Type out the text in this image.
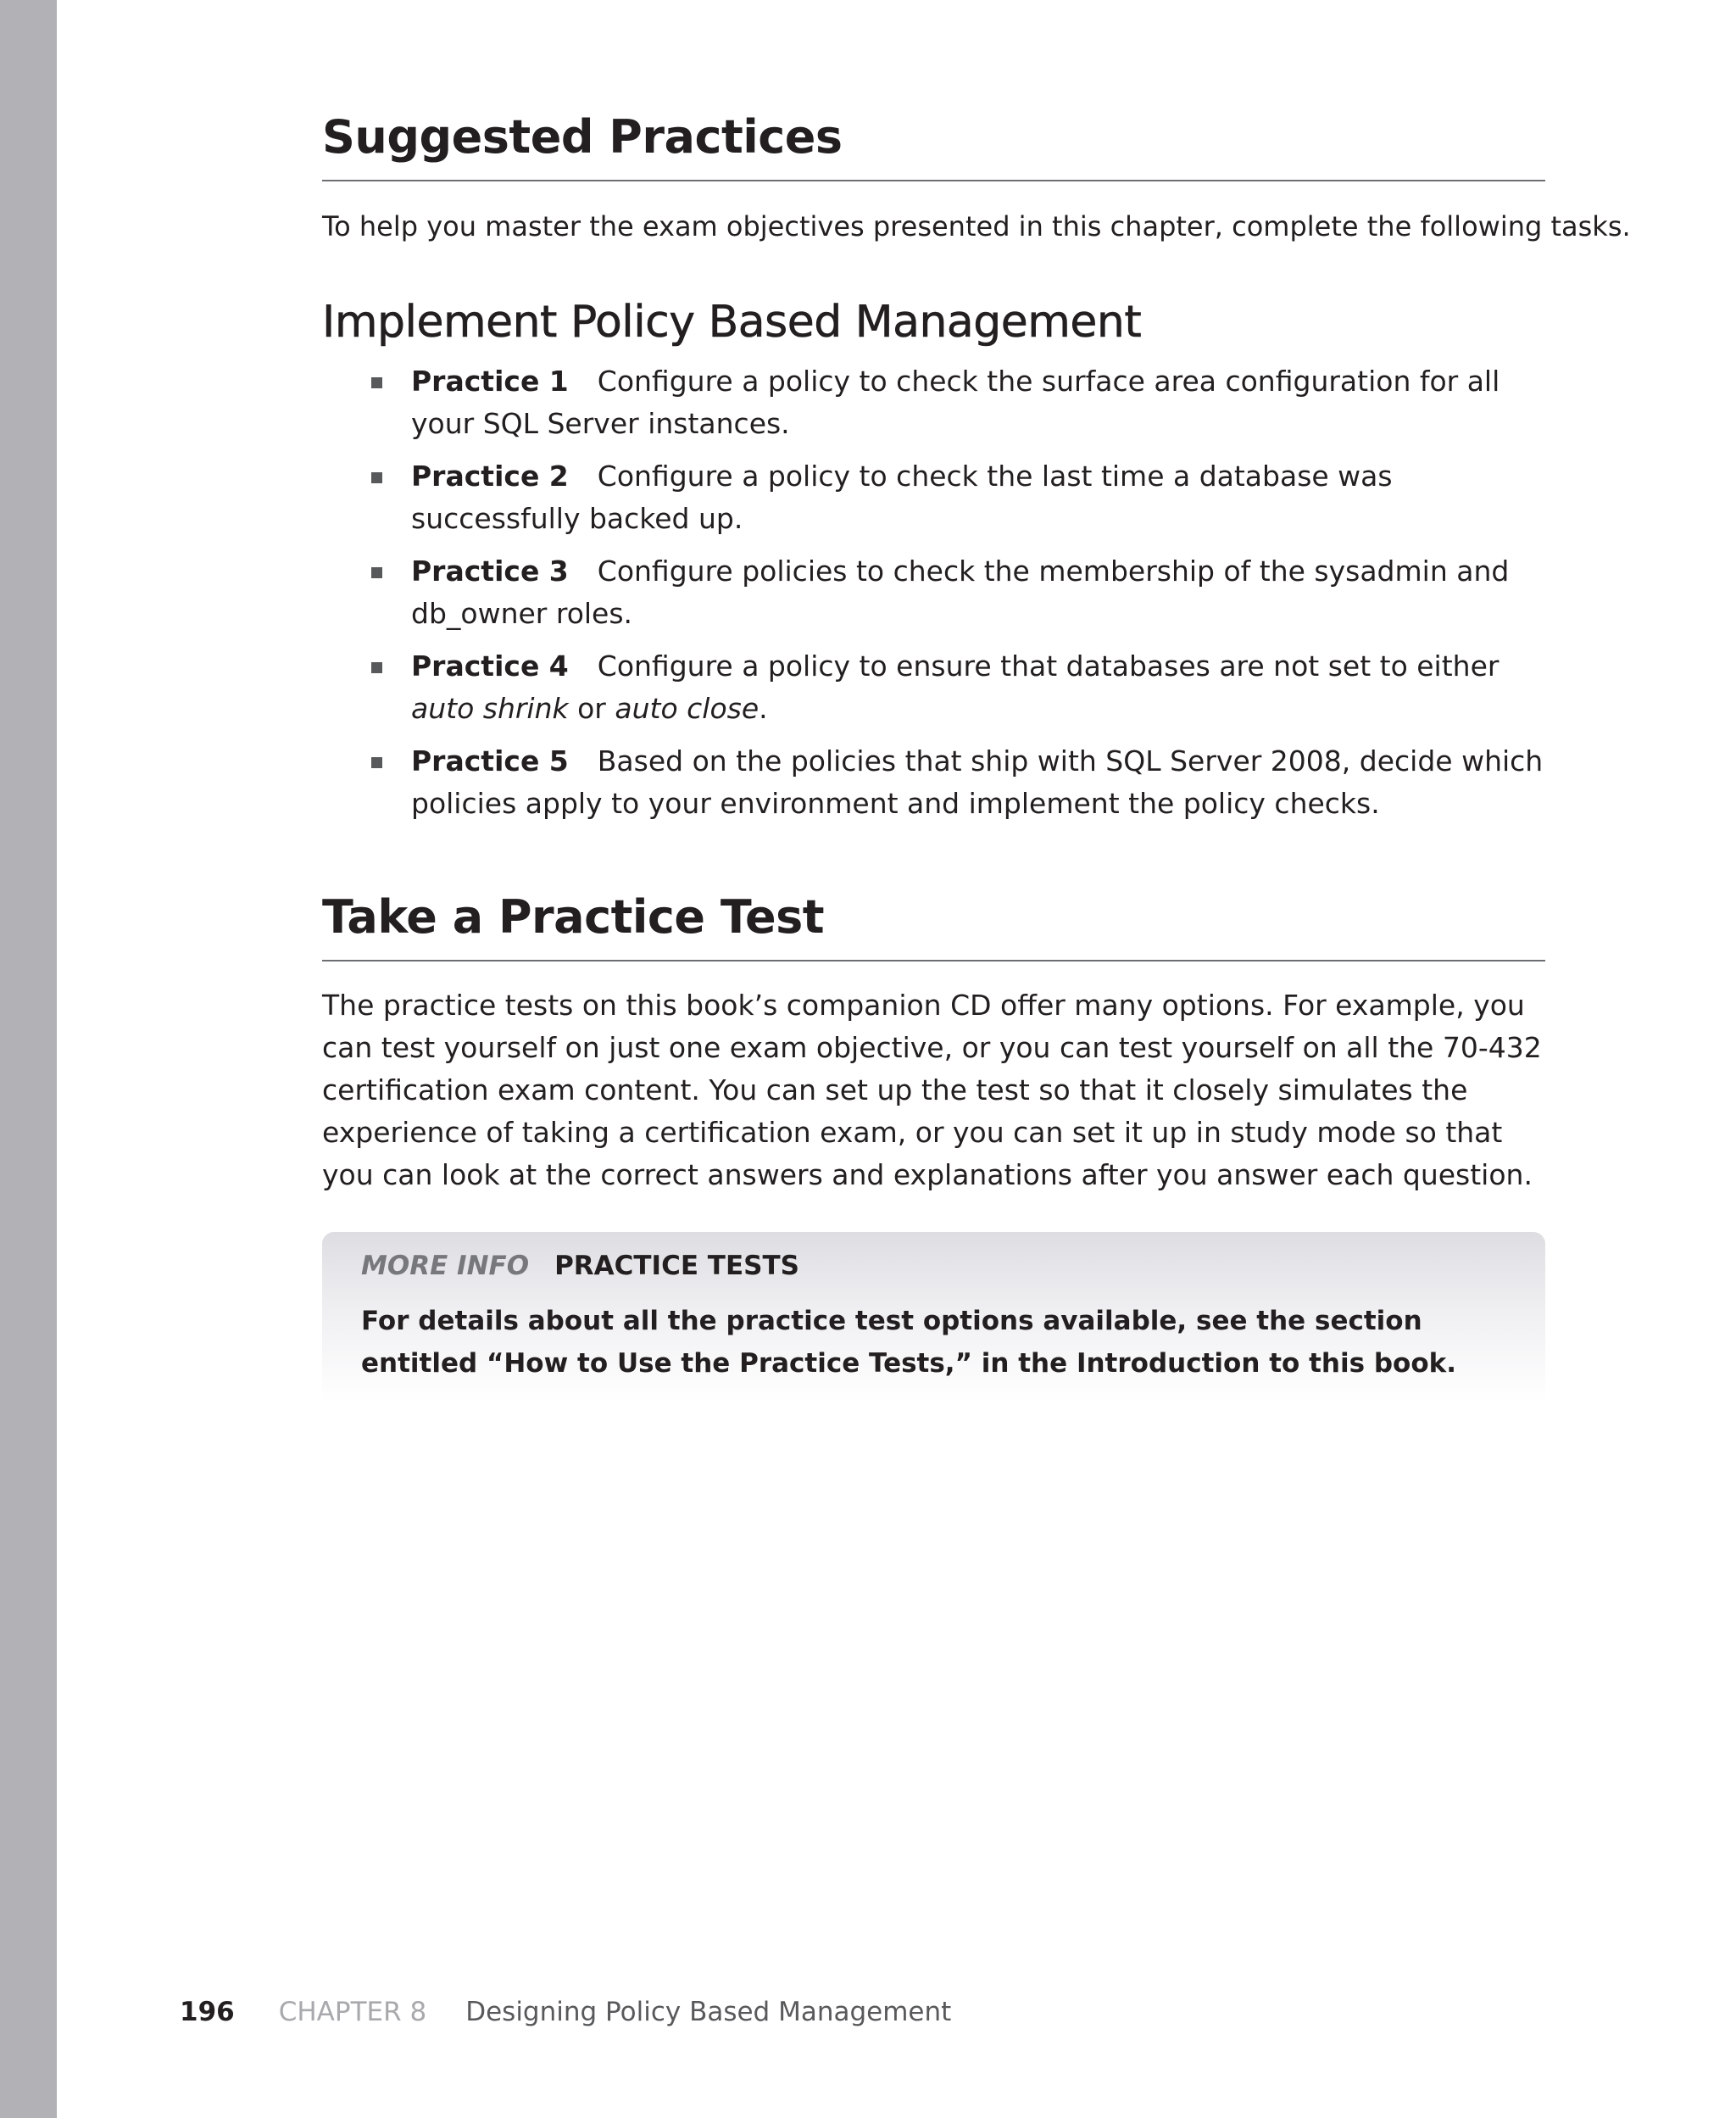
Suggested Practices

To help you master the exam objectives presented in this chapter, complete the following tasks.

Implement Policy Based Management
Practice 1 Configure a policy to check the surface area configuration for all your SQL Server instances.
Practice 2 Configure a policy to check the last time a database was successfully backed up.
Practice 3 Configure policies to check the membership of the sysadmin and db_owner roles.
Practice 4 Configure a policy to ensure that databases are not set to either auto shrink or auto close.
Practice 5 Based on the policies that ship with SQL Server 2008, decide which policies apply to your environment and implement the policy checks.
Take a Practice Test

The practice tests on this book’s companion CD offer many options. For example, you can test yourself on just one exam objective, or you can test yourself on all the 70-432 certification exam content. You can set up the test so that it closely simulates the experience of taking a certification exam, or you can set it up in study mode so that you can look at the correct answers and explanations after you answer each question.

MORE INFO PRACTICE TESTS

For details about all the practice test options available, see the section entitled “How to Use the Practice Tests,” in the Introduction to this book.

196 CHAPTER 8 Designing Policy Based Management
